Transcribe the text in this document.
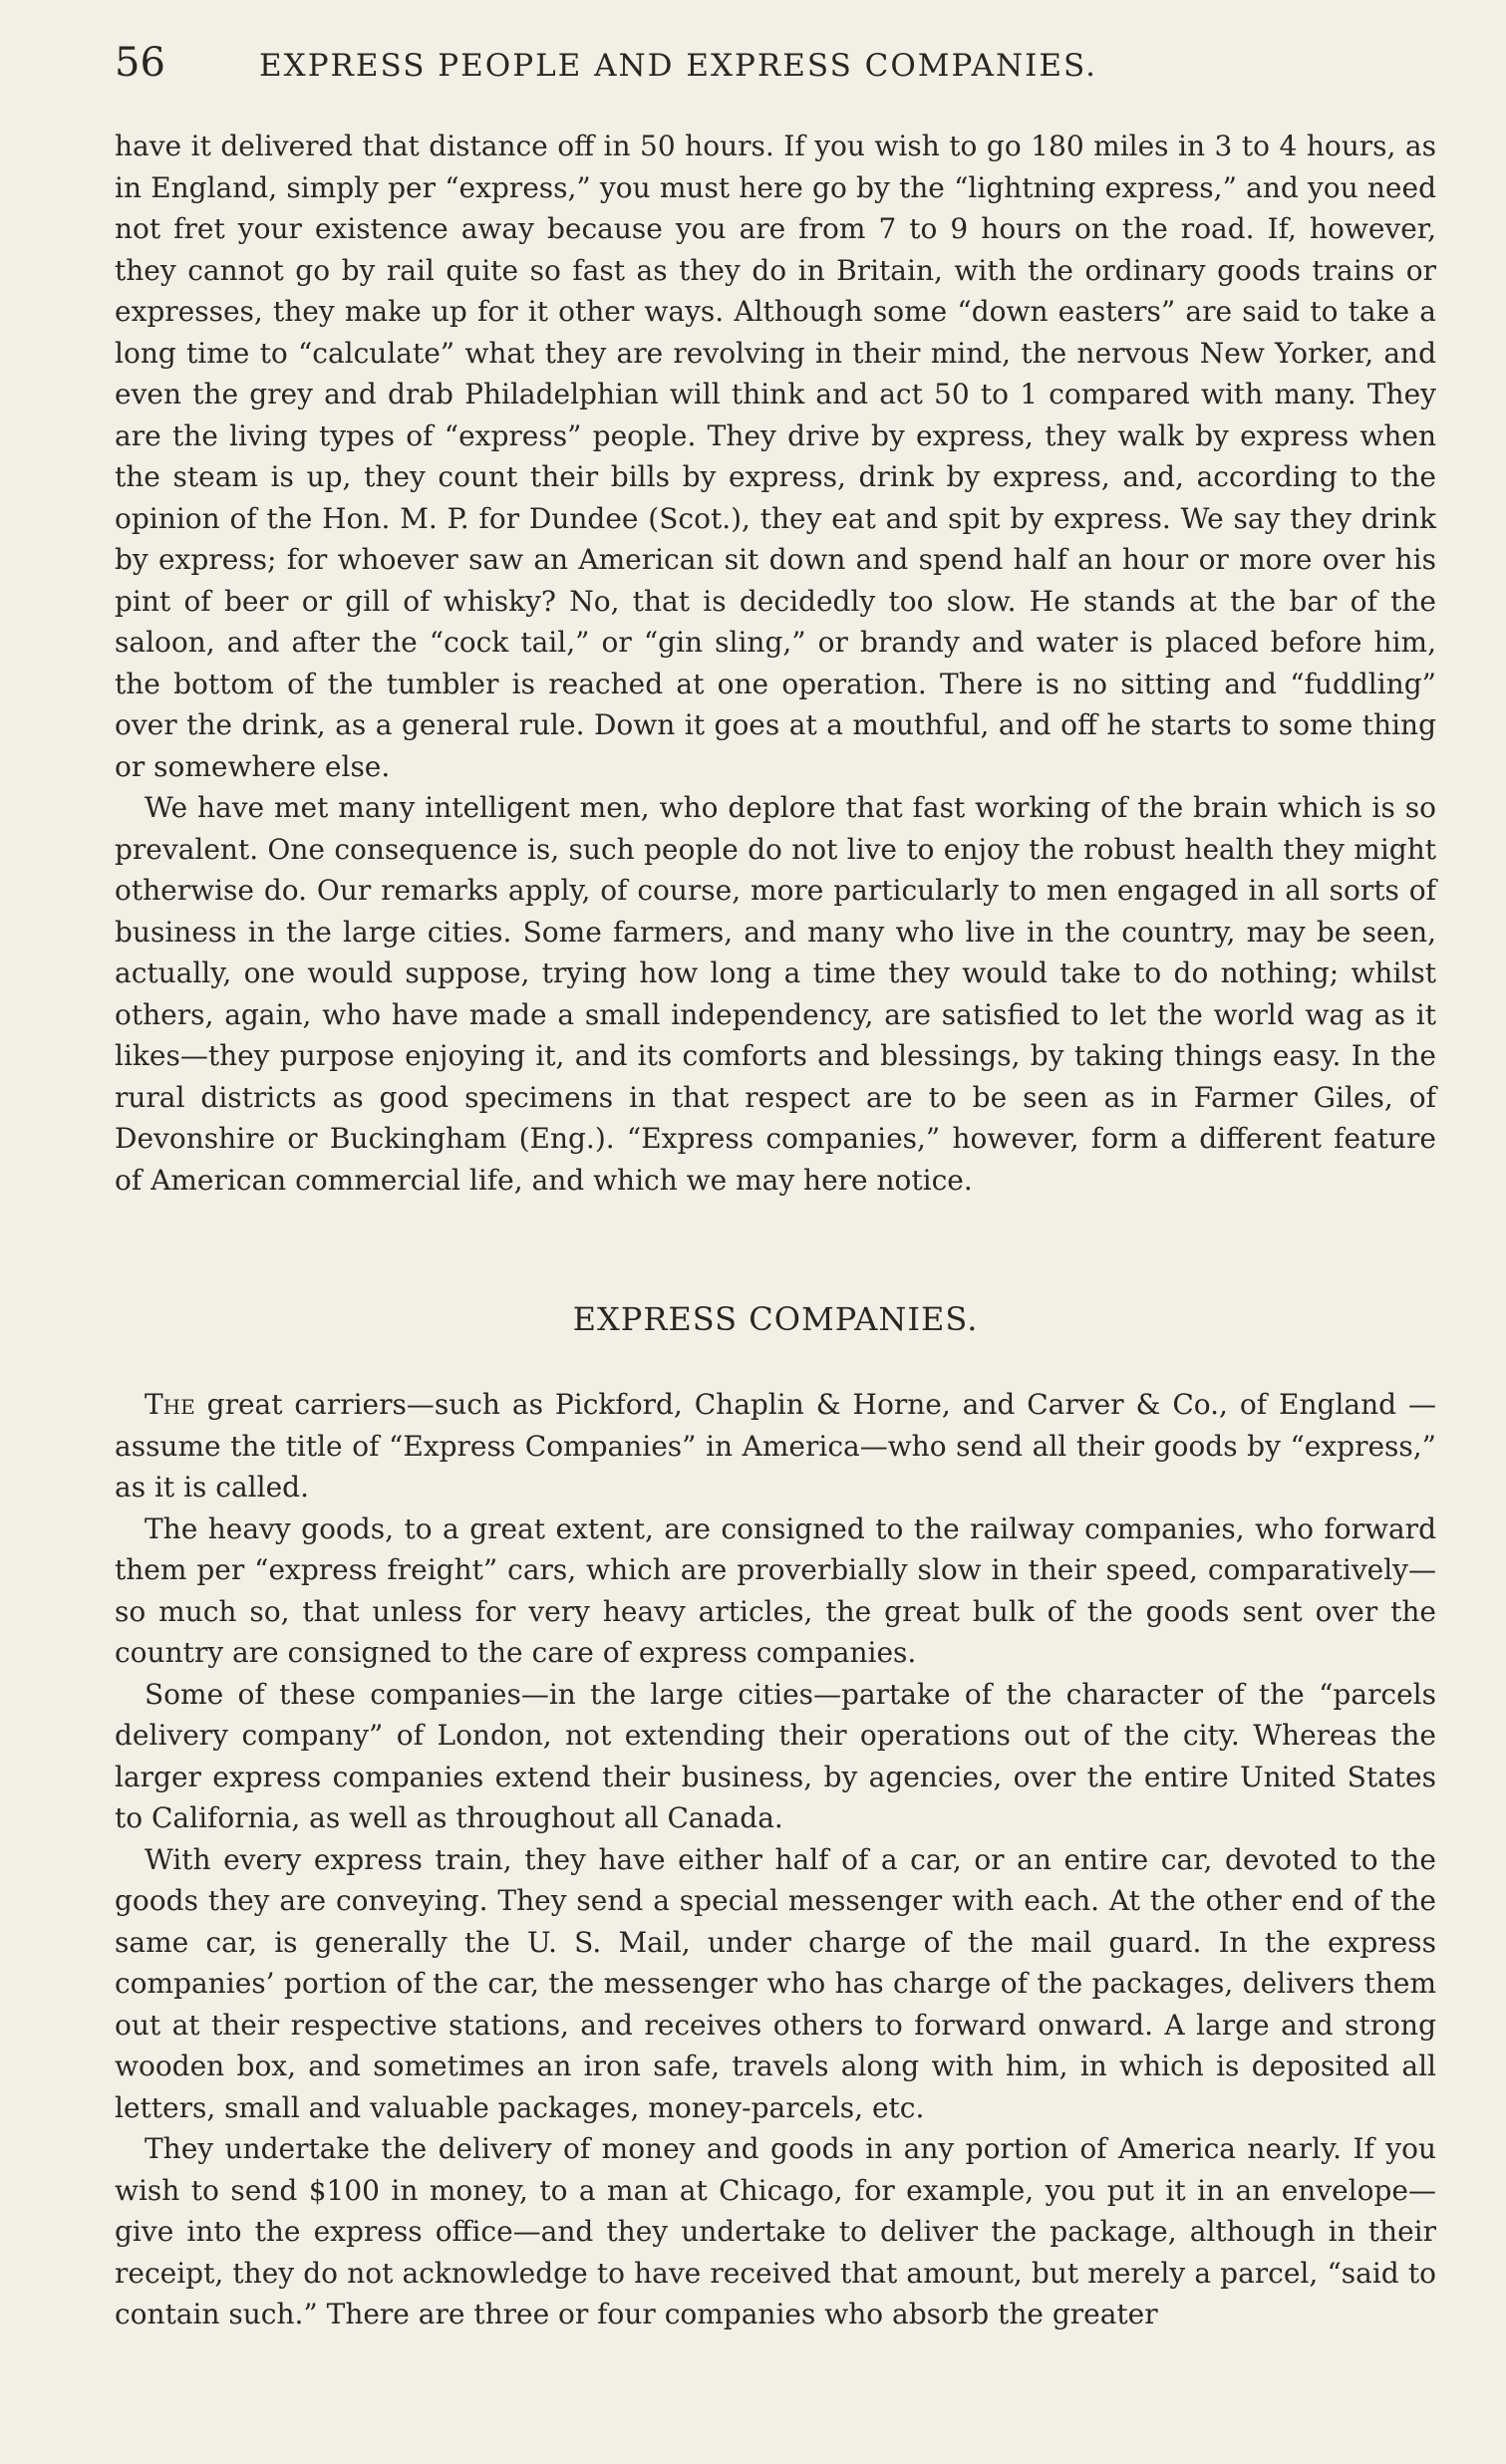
56	EXPRESS PEOPLE AND EXPRESS COMPANIES.

have it delivered that distance off in 50 hours. If you wish to go 180 miles in 3 to 4 hours, as in England, simply per “express,” you must here go by the “lightning express,” and you need not fret your existence away because you are from 7 to 9 hours on the road. If, however, they cannot go by rail quite so fast as they do in Britain, with the ordinary goods trains or expresses, they make up for it other ways. Although some “down easters” are said to take a long time to “calculate” what they are revolving in their mind, the nervous New Yorker, and even the grey and drab Philadelphian will think and act 50 to 1 compared with many. They are the living types of “express” people. They drive by express, they walk by express when the steam is up, they count their bills by express, drink by express, and, according to the opinion of the Hon. M. P. for Dundee (Scot.), they eat and spit by express. We say they drink by express; for whoever saw an American sit down and spend half an hour or more over his pint of beer or gill of whisky? No, that is decidedly too slow. He stands at the bar of the saloon, and after the “cock tail,” or “gin sling,” or brandy and water is placed before him, the bottom of the tumbler is reached at one operation. There is no sitting and “fuddling” over the drink, as a general rule. Down it goes at a mouthful, and off he starts to some thing or somewhere else.

We have met many intelligent men, who deplore that fast working of the brain which is so prevalent. One consequence is, such people do not live to enjoy the robust health they might otherwise do. Our remarks apply, of course, more particularly to men engaged in all sorts of business in the large cities. Some farmers, and many who live in the country, may be seen, actually, one would suppose, trying how long a time they would take to do nothing; whilst others, again, who have made a small independency, are satisfied to let the world wag as it likes—they purpose enjoying it, and its comforts and blessings, by taking things easy. In the rural districts as good specimens in that respect are to be seen as in Farmer Giles, of Devonshire or Buckingham (Eng.). “Express companies,” however, form a different feature of American commercial life, and which we may here notice.

EXPRESS COMPANIES.

The great carriers—such as Pickford, Chaplin & Horne, and Carver & Co., of England —assume the title of “Express Companies” in America—who send all their goods by “express,” as it is called.

The heavy goods, to a great extent, are consigned to the railway companies, who forward them per “express freight” cars, which are proverbially slow in their speed, comparatively—so much so, that unless for very heavy articles, the great bulk of the goods sent over the country are consigned to the care of express companies.

Some of these companies—in the large cities—partake of the character of the “parcels delivery company” of London, not extending their operations out of the city. Whereas the larger express companies extend their business, by agencies, over the entire United States to California, as well as throughout all Canada.

With every express train, they have either half of a car, or an entire car, devoted to the goods they are conveying. They send a special messenger with each. At the other end of the same car, is generally the U. S. Mail, under charge of the mail guard. In the express companies’ portion of the car, the messenger who has charge of the packages, delivers them out at their respective stations, and receives others to forward onward. A large and strong wooden box, and sometimes an iron safe, travels along with him, in which is deposited all letters, small and valuable packages, money-parcels, etc.

They undertake the delivery of money and goods in any portion of America nearly. If you wish to send $100 in money, to a man at Chicago, for example, you put it in an envelope—give into the express office—and they undertake to deliver the package, although in their receipt, they do not acknowledge to have received that amount, but merely a parcel, “said to contain such.” There are three or four companies who absorb the greater
